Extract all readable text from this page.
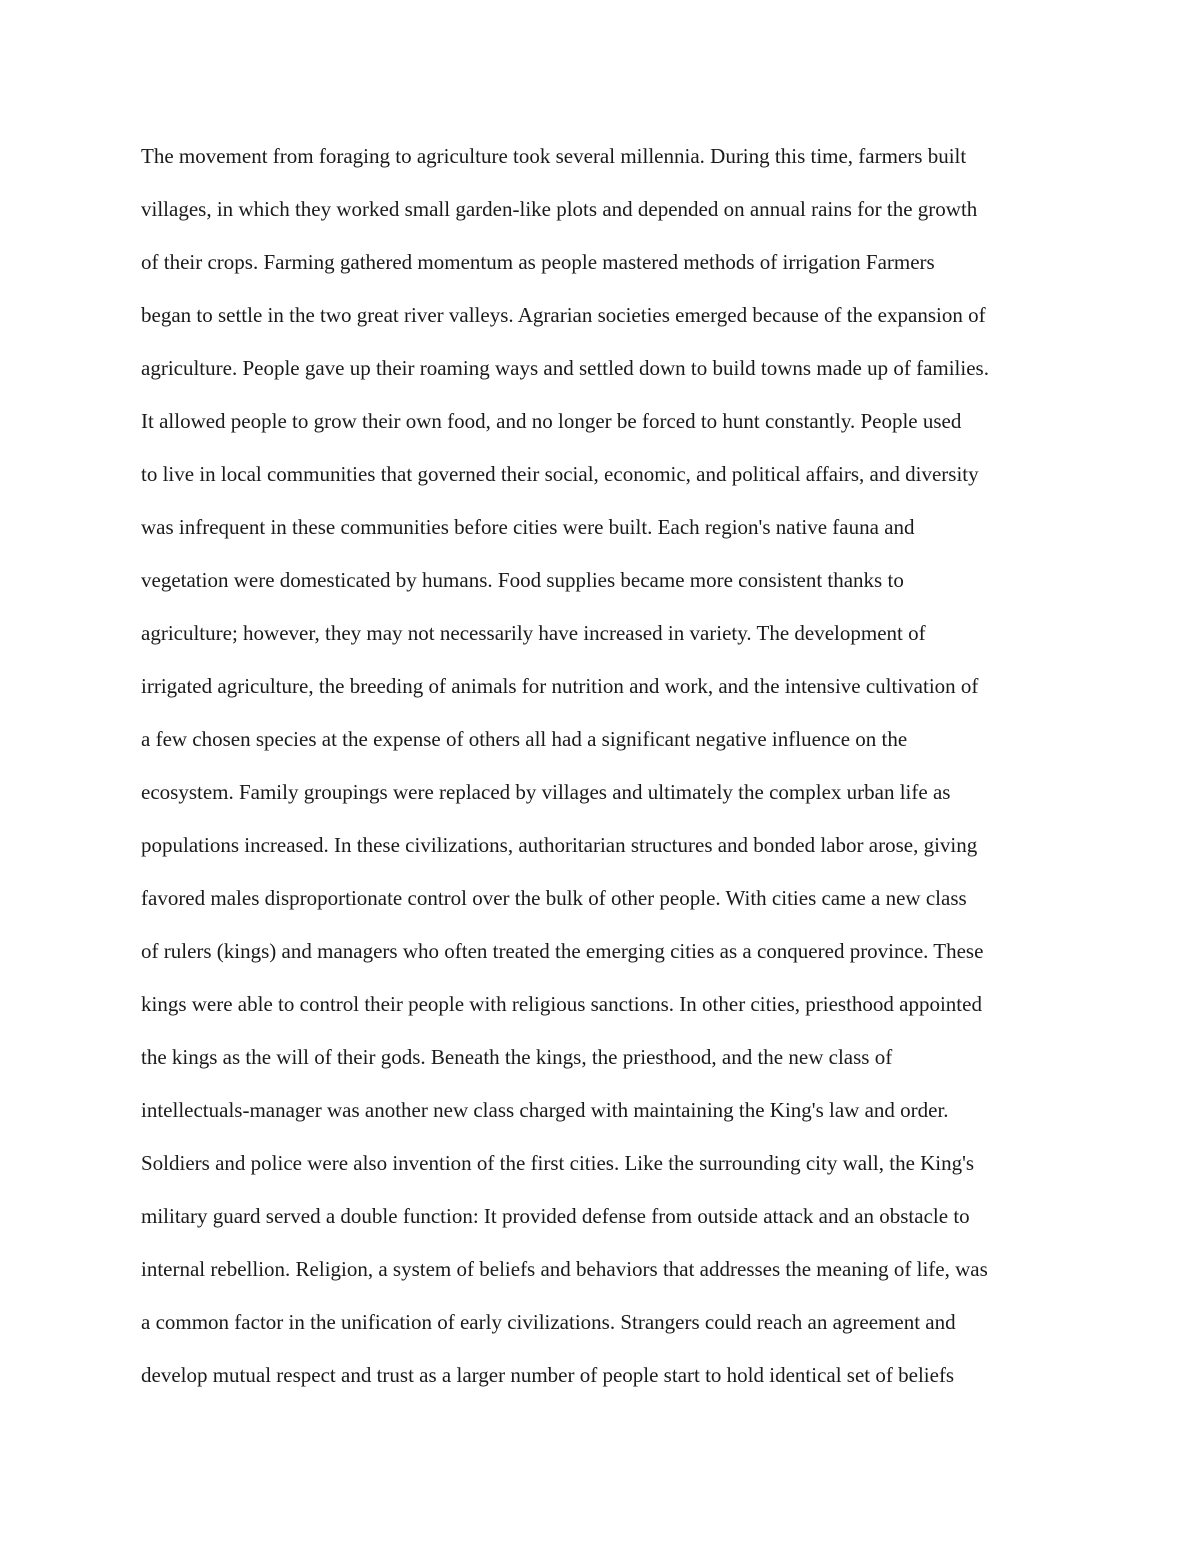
The movement from foraging to agriculture took several millennia. During this time, farmers built
villages, in which they worked small garden-like plots and depended on annual rains for the growth
of their crops. Farming gathered momentum as people mastered methods of irrigation Farmers
began to settle in the two great river valleys. Agrarian societies emerged because of the expansion of
agriculture. People gave up their roaming ways and settled down to build towns made up of families.
It allowed people to grow their own food, and no longer be forced to hunt constantly. People used
to live in local communities that governed their social, economic, and political affairs, and diversity
was infrequent in these communities before cities were built. Each region's native fauna and
vegetation were domesticated by humans. Food supplies became more consistent thanks to
agriculture; however, they may not necessarily have increased in variety. The development of
irrigated agriculture, the breeding of animals for nutrition and work, and the intensive cultivation of
a few chosen species at the expense of others all had a significant negative influence on the
ecosystem. Family groupings were replaced by villages and ultimately the complex urban life as
populations increased. In these civilizations, authoritarian structures and bonded labor arose, giving
favored males disproportionate control over the bulk of other people. With cities came a new class
of rulers (kings) and managers who often treated the emerging cities as a conquered province. These
kings were able to control their people with religious sanctions. In other cities, priesthood appointed
the kings as the will of their gods. Beneath the kings, the priesthood, and the new class of
intellectuals-manager was another new class charged with maintaining the King's law and order.
Soldiers and police were also invention of the first cities. Like the surrounding city wall, the King's
military guard served a double function: It provided defense from outside attack and an obstacle to
internal rebellion. Religion, a system of beliefs and behaviors that addresses the meaning of life, was
a common factor in the unification of early civilizations. Strangers could reach an agreement and
develop mutual respect and trust as a larger number of people start to hold identical set of beliefs
